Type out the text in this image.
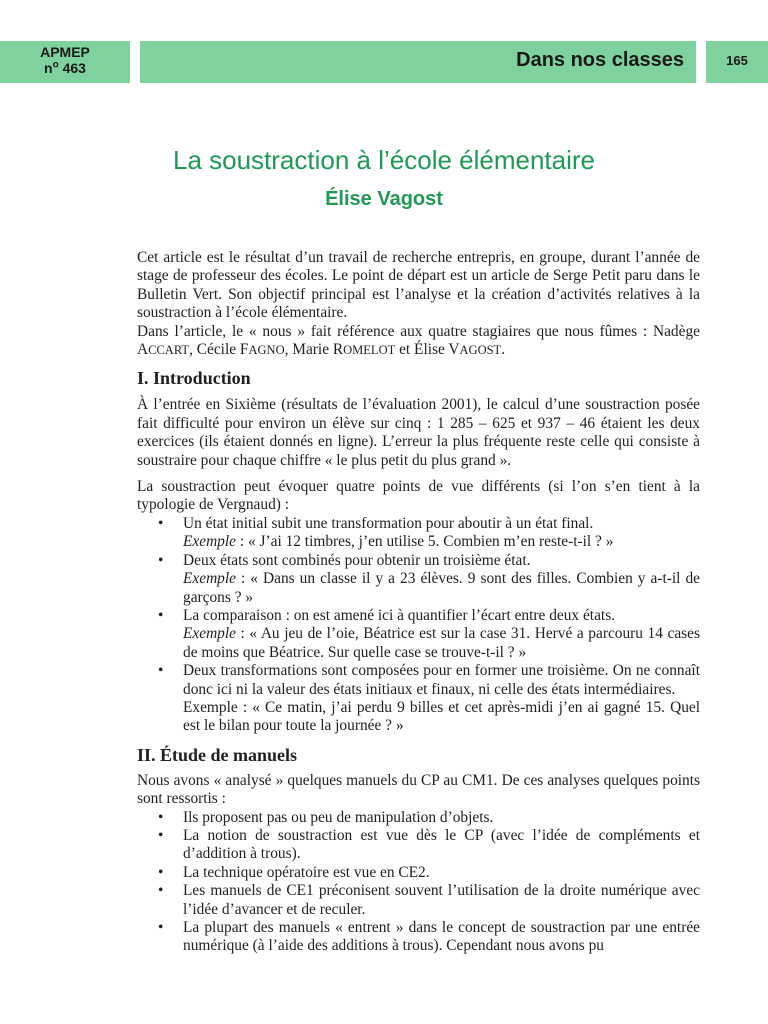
APMEP
$n^o$ 463	Dans nos classes	165
La soustraction à l’école élémentaire
Élise Vagost

Cet article est le résultat d’un travail de recherche entrepris, en groupe, durant l’année de stage de professeur des écoles. Le point de départ est un article de Serge Petit paru dans le Bulletin Vert. Son objectif principal est l’analyse et la création d’activités relatives à la soustraction à l’école élémentaire.

Dans l’article, le « nous » fait référence aux quatre stagiaires que nous fûmes : Nadège ACCART, Cécile FAGNO, Marie ROMELOT et Élise VAGOST.

I. Introduction

À l’entrée en Sixième (résultats de l’évaluation 2001), le calcul d’une soustraction posée fait difficulté pour environ un élève sur cinq : 1 285 – 625 et 937 – 46 étaient les deux exercices (ils étaient donnés en ligne). L’erreur la plus fréquente reste celle qui consiste à soustraire pour chaque chiffre « le plus petit du plus grand ».

La soustraction peut évoquer quatre points de vue différents (si l’on s’en tient à la typologie de Vergnaud) :

• Un état initial subit une transformation pour aboutir à un état final.
Exemple : « J’ai 12 timbres, j’en utilise 5. Combien m’en reste-t-il ? »
• Deux états sont combinés pour obtenir un troisième état.
Exemple : « Dans un classe il y a 23 élèves. 9 sont des filles. Combien y a-t-il de garçons ? »
• La comparaison : on est amené ici à quantifier l’écart entre deux états.
Exemple : « Au jeu de l’oie, Béatrice est sur la case 31. Hervé a parcouru 14 cases de moins que Béatrice. Sur quelle case se trouve-t-il ? »
• Deux transformations sont composées pour en former une troisième. On ne connaît donc ici ni la valeur des états initiaux et finaux, ni celle des états intermédiaires.
Exemple : « Ce matin, j’ai perdu 9 billes et cet après-midi j’en ai gagné 15. Quel est le bilan pour toute la journée ? »
II. Étude de manuels

Nous avons « analysé » quelques manuels du CP au CM1. De ces analyses quelques points sont ressortis :

• Ils proposent pas ou peu de manipulation d’objets.
• La notion de soustraction est vue dès le CP (avec l’idée de compléments et d’addition à trous).
• La technique opératoire est vue en CE2.
• Les manuels de CE1 préconisent souvent l’utilisation de la droite numérique avec l’idée d’avancer et de reculer.
• La plupart des manuels « entrent » dans le concept de soustraction par une entrée numérique (à l’aide des additions à trous). Cependant nous avons pu
